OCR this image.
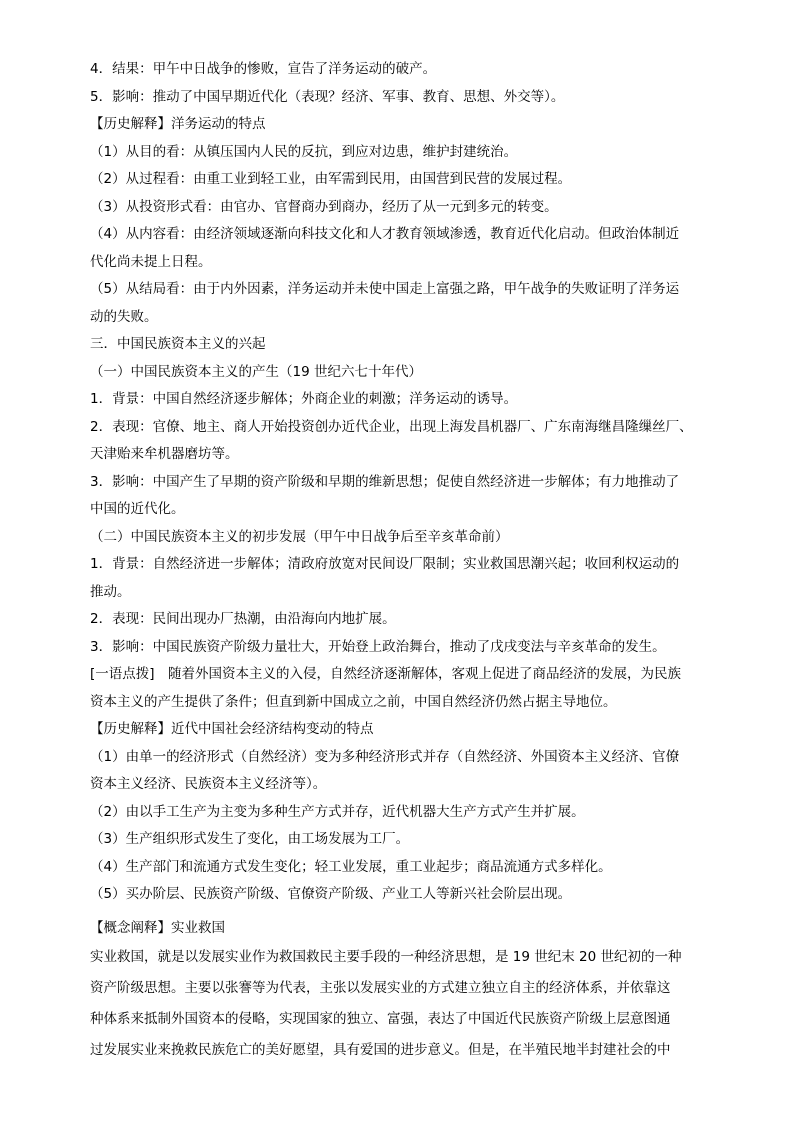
4．结果：甲午中日战争的惨败，宣告了洋务运动的破产。
5．影响：推动了中国早期近代化（表现？经济、军事、教育、思想、外交等）。
【历史解释】洋务运动的特点
（1）从目的看：从镇压国内人民的反抗，到应对边患，维护封建统治。
（2）从过程看：由重工业到轻工业，由军需到民用，由国营到民营的发展过程。
（3）从投资形式看：由官办、官督商办到商办，经历了从一元到多元的转变。
（4）从内容看：由经济领域逐渐向科技文化和人才教育领域渗透，教育近代化启动。但政治体制近
代化尚未提上日程。
（5）从结局看：由于内外因素，洋务运动并未使中国走上富强之路，甲午战争的失败证明了洋务运
动的失败。
三．中国民族资本主义的兴起
（一）中国民族资本主义的产生（19 世纪六七十年代）
1．背景：中国自然经济逐步解体；外商企业的刺激；洋务运动的诱导。
2．表现：官僚、地主、商人开始投资创办近代企业，出现上海发昌机器厂、广东南海继昌隆缫丝厂、
天津贻来牟机器磨坊等。
3．影响：中国产生了早期的资产阶级和早期的维新思想；促使自然经济进一步解体；有力地推动了
中国的近代化。
（二）中国民族资本主义的初步发展（甲午中日战争后至辛亥革命前）
1．背景：自然经济进一步解体；清政府放宽对民间设厂限制；实业救国思潮兴起；收回利权运动的
推动。
2．表现：民间出现办厂热潮，由沿海向内地扩展。
3．影响：中国民族资产阶级力量壮大，开始登上政治舞台，推动了戊戌变法与辛亥革命的发生。
[一语点拨]　随着外国资本主义的入侵，自然经济逐渐解体，客观上促进了商品经济的发展，为民族
资本主义的产生提供了条件；但直到新中国成立之前，中国自然经济仍然占据主导地位。
【历史解释】近代中国社会经济结构变动的特点
（1）由单一的经济形式（自然经济）变为多种经济形式并存（自然经济、外国资本主义经济、官僚
资本主义经济、民族资本主义经济等）。
（2）由以手工生产为主变为多种生产方式并存，近代机器大生产方式产生并扩展。
（3）生产组织形式发生了变化，由工场发展为工厂。
（4）生产部门和流通方式发生变化；轻工业发展，重工业起步；商品流通方式多样化。
（5）买办阶层、民族资产阶级、官僚资产阶级、产业工人等新兴社会阶层出现。
【概念阐释】实业救国
实业救国，就是以发展实业作为救国救民主要手段的一种经济思想，是 19 世纪末 20 世纪初的一种
资产阶级思想。主要以张謇等为代表，主张以发展实业的方式建立独立自主的经济体系，并依靠这
种体系来抵制外国资本的侵略，实现国家的独立、富强，表达了中国近代民族资产阶级上层意图通
过发展实业来挽救民族危亡的美好愿望，具有爱国的进步意义。但是，在半殖民地半封建社会的中
